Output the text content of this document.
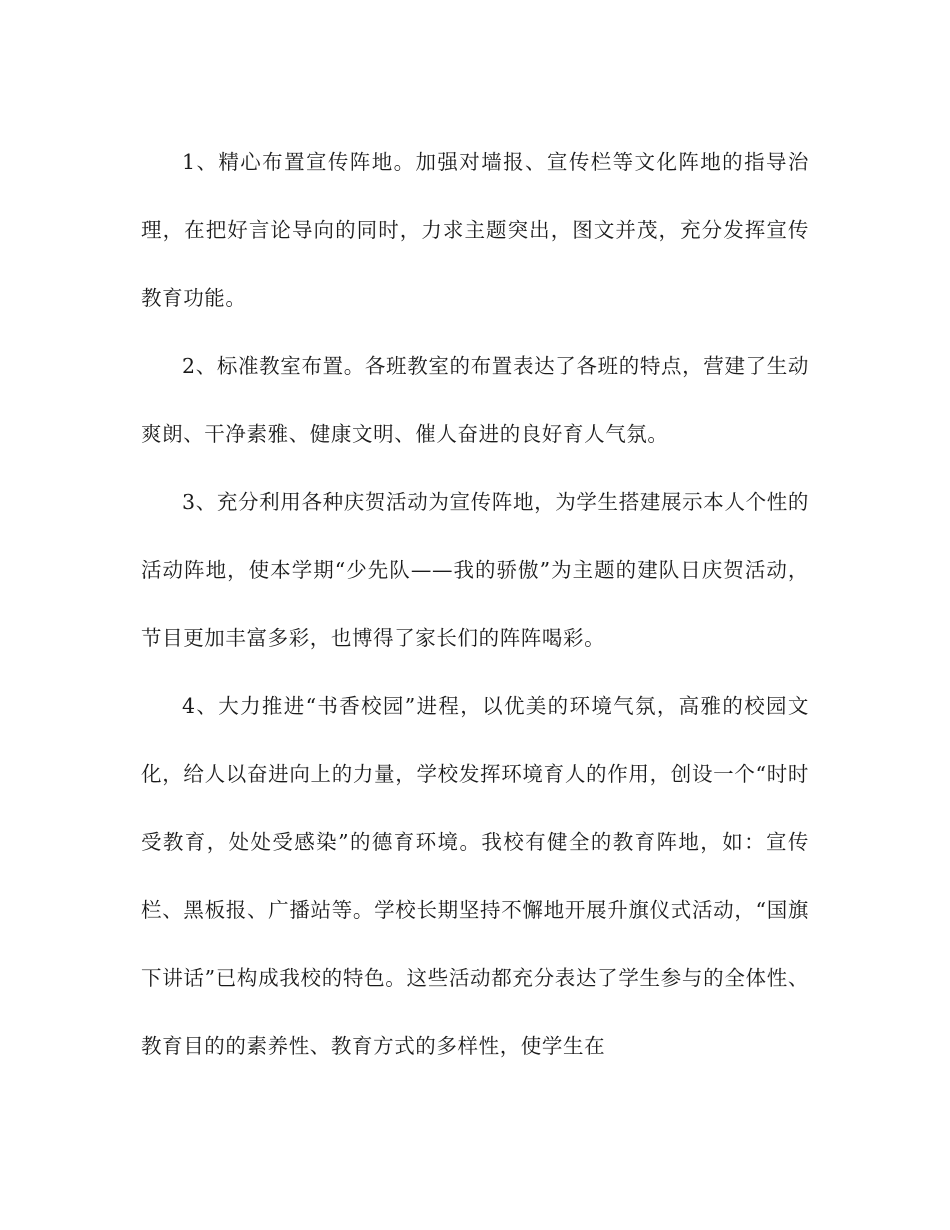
1、精心布置宣传阵地。加强对墙报、宣传栏等文化阵地的指导治理，在把好言论导向的同时，力求主题突出，图文并茂，充分发挥宣传教育功能。

2、标准教室布置。各班教室的布置表达了各班的特点，营建了生动爽朗、干净素雅、健康文明、催人奋进的良好育人气氛。

3、充分利用各种庆贺活动为宣传阵地，为学生搭建展示本人个性的活动阵地，使本学期“少先队——我的骄傲”为主题的建队日庆贺活动，节目更加丰富多彩，也博得了家长们的阵阵喝彩。

4、大力推进“书香校园”进程，以优美的环境气氛，高雅的校园文化，给人以奋进向上的力量，学校发挥环境育人的作用，创设一个“时时受教育，处处受感染”的德育环境。我校有健全的教育阵地，如：宣传栏、黑板报、广播站等。学校长期坚持不懈地开展升旗仪式活动，“国旗下讲话”已构成我校的特色。这些活动都充分表达了学生参与的全体性、教育目的的素养性、教育方式的多样性，使学生在
